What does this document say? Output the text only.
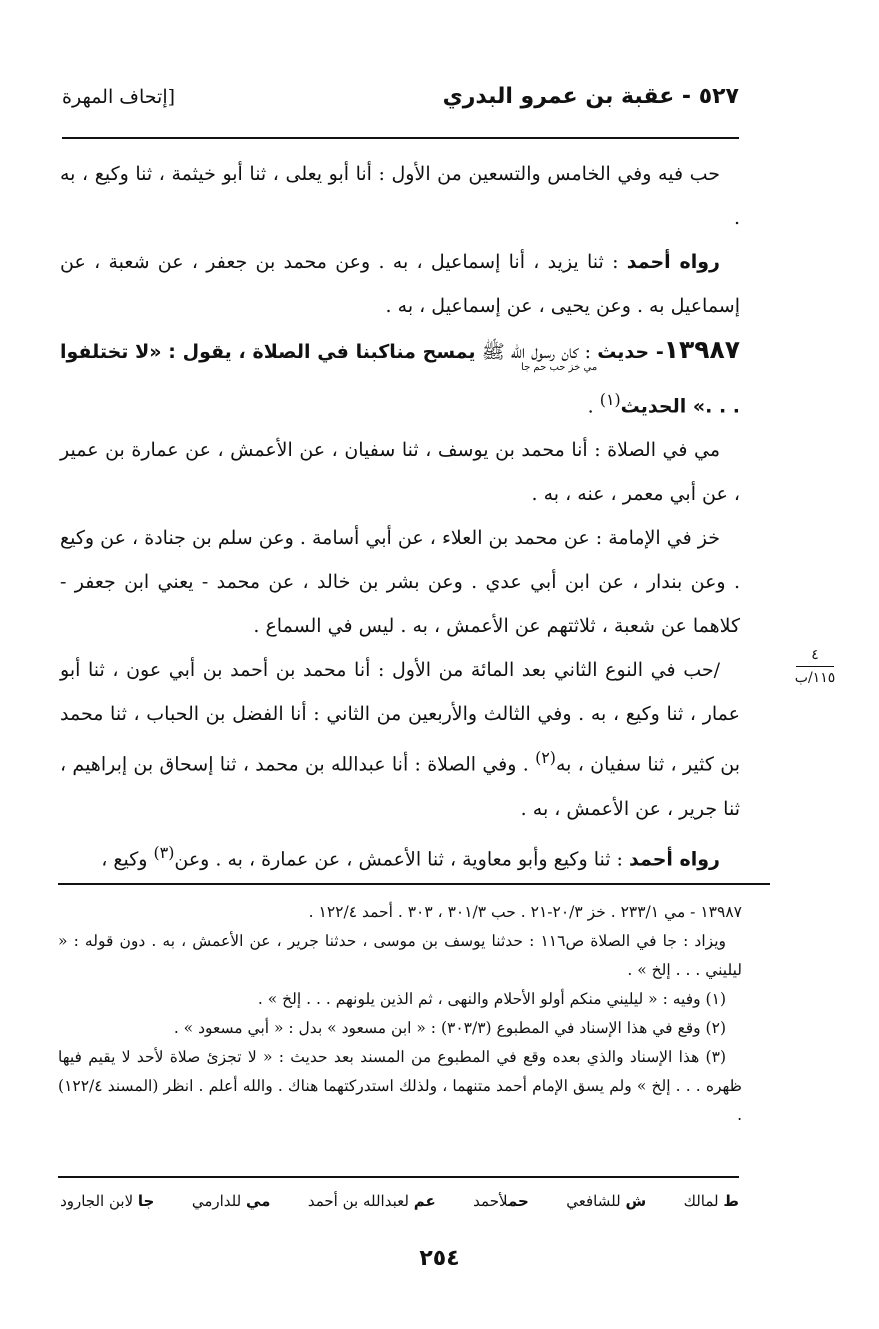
٥٢٧ - عقبة بن عمرو البدري
[إتحاف المهرة

حب فيه وفي الخامس والتسعين من الأول : أنا أبو يعلى ، ثنا أبو خيثمة ، ثنا وكيع ، به .

رواه أحمد : ثنا يزيد ، أنا إسماعيل ، به . وعن محمد بن جعفر ، عن شعبة ، عن إسماعيل به . وعن يحيى ، عن إسماعيل ، به .

١٣٩٨٧- حديثمي خز حب حم جا : كان رسول الله ﷺ يمسح مناكبنا في الصلاة ، يقول : «لا تختلفوا . . .» الحديث$^{(١)}$ .

مي في الصلاة : أنا محمد بن يوسف ، ثنا سفيان ، عن الأعمش ، عن عمارة بن عمير ، عن أبي معمر ، عنه ، به .

خز في الإمامة : عن محمد بن العلاء ، عن أبي أسامة . وعن سلم بن جنادة ، عن وكيع . وعن بندار ، عن ابن أبي عدي . وعن بشر بن خالد ، عن محمد - يعني ابن جعفر - كلاهما عن شعبة ، ثلاثتهم عن الأعمش ، به . ليس في السماع .

/حب في النوع الثاني بعد المائة من الأول : أنا محمد بن أحمد بن أبي عون ، ثنا أبو عمار ، ثنا وكيع ، به . وفي الثالث والأربعين من الثاني : أنا الفضل بن الحباب ، ثنا محمد بن كثير ، ثنا سفيان ، به$^{(٢)}$ . وفي الصلاة : أنا عبدالله بن محمد ، ثنا إسحاق بن إبراهيم ، ثنا جرير ، عن الأعمش ، به .

رواه أحمد : ثنا وكيع وأبو معاوية ، ثنا الأعمش ، عن عمارة ، به . وعن$^{(٣)}$ وكيع ،

٤
١١٥/ب

١٣٩٨٧ - مي ٢٣٣/١ . خز ٢٠/٣-٢١ . حب ٣٠١/٣ ، ٣٠٣ . أحمد ١٢٢/٤ .

ويزاد : جا في الصلاة ص١١٦ : حدثنا يوسف بن موسى ، حدثنا جرير ، عن الأعمش ، به . دون قوله : « ليليني . . . إلخ » .

(١) وفيه : « ليليني منكم أولو الأحلام والنهى ، ثم الذين يلونهم . . . إلخ » .

(٢) وقع في هذا الإسناد في المطبوع (٣٠٣/٣) : « ابن مسعود » بدل : « أبي مسعود » .

(٣) هذا الإسناد والذي بعده وقع في المطبوع من المسند بعد حديث : « لا تجزئ صلاة لأحد لا يقيم فيها ظهره . . . إلخ » ولم يسق الإمام أحمد متنهما ، ولذلك استدركتهما هناك . والله أعلم . انظر (المسند ١٢٢/٤) .

ط لمالك
ش للشافعي
حملأحمد
عم لعبدالله بن أحمد
مي للدارمي
جا لابن الجارود
٢٥٤
